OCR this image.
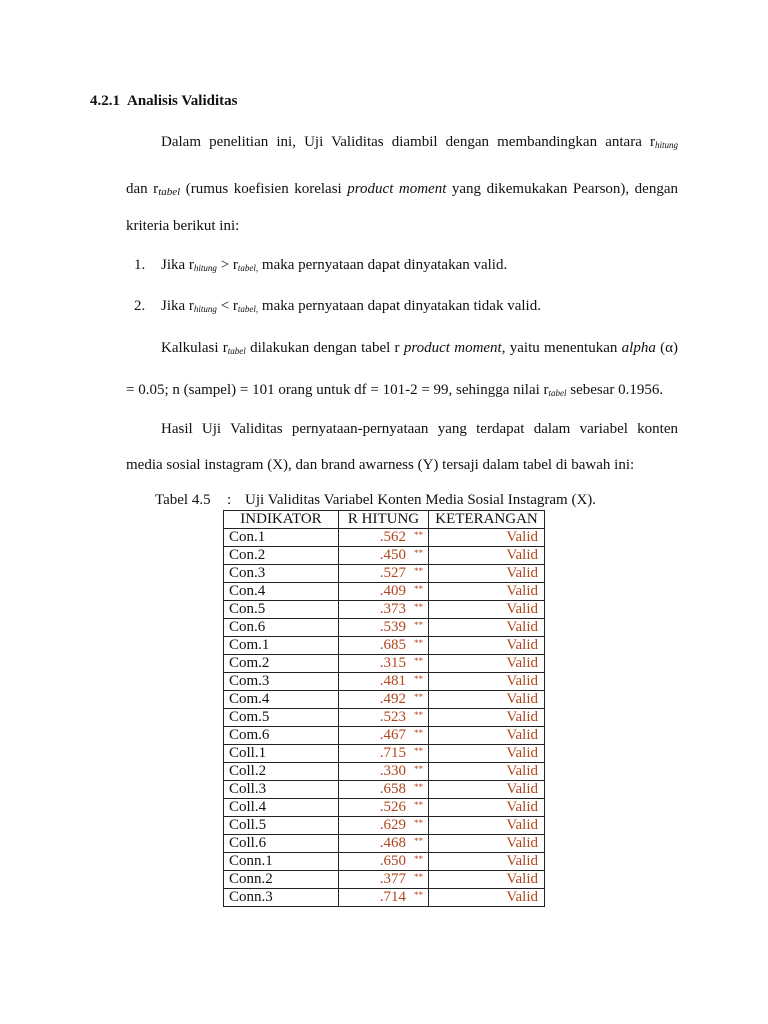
4.2.1 Analisis Validitas
Dalam penelitian ini, Uji Validitas diambil dengan membandingkan antara $r_{hitung}$
dan $r_{tabel}$ (rumus koefisien korelasi product moment yang dikemukakan Pearson), dengan
kriteria berikut ini:
1. Jika $r_{hitung} > r_{tabel,}$ maka pernyataan dapat dinyatakan valid.
2. Jika $r_{hitung} < r_{tabel,}$ maka pernyataan dapat dinyatakan tidak valid.
Kalkulasi $r_{tabel}$ dilakukan dengan tabel r product moment, yaitu menentukan alpha (α)
= 0.05; n (sampel) = 101 orang untuk df = 101-2 = 99, sehingga nilai $r_{tabel}$ sebesar 0.1956.
Hasil Uji Validitas pernyataan-pernyataan yang terdapat dalam variabel konten
media sosial instagram (X), dan brand awarness (Y) tersaji dalam tabel di bawah ini:
Tabel 4.5 : Uji Validitas Variabel Konten Media Sosial Instagram (X).
INDIKATOR	R HITUNG	KETERANGAN
Con.1	.562 **	Valid
Con.2	.450 **	Valid
Con.3	.527 **	Valid
Con.4	.409 **	Valid
Con.5	.373 **	Valid
Con.6	.539 **	Valid
Com.1	.685 **	Valid
Com.2	.315 **	Valid
Com.3	.481 **	Valid
Com.4	.492 **	Valid
Com.5	.523 **	Valid
Com.6	.467 **	Valid
Coll.1	.715 **	Valid
Coll.2	.330 **	Valid
Coll.3	.658 **	Valid
Coll.4	.526 **	Valid
Coll.5	.629 **	Valid
Coll.6	.468 **	Valid
Conn.1	.650 **	Valid
Conn.2	.377 **	Valid
Conn.3	.714 **	Valid
